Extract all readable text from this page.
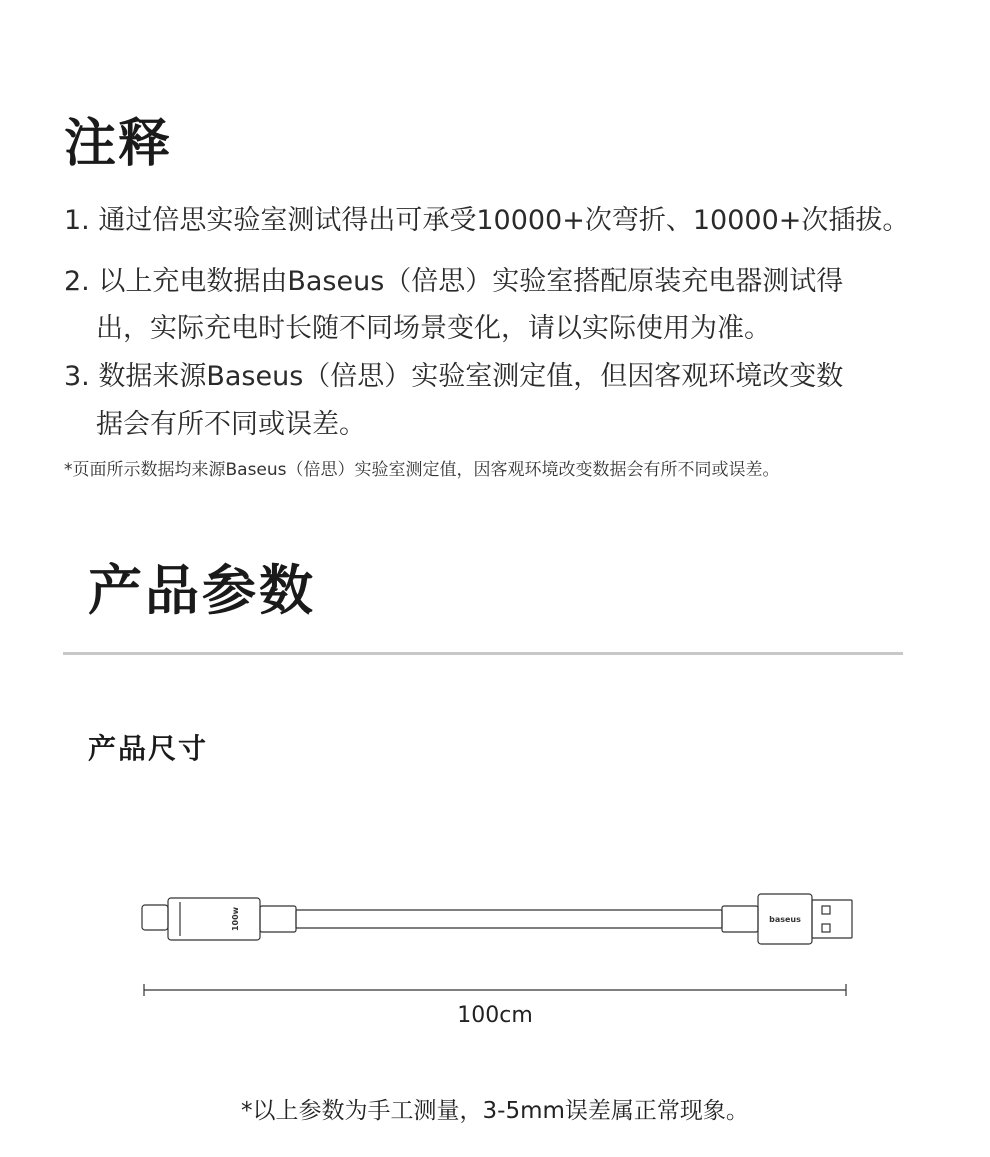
注释
1. 通过倍思实验室测试得出可承受10000+次弯折、10000+次插拔。
2. 以上充电数据由Baseus（倍思）实验室搭配原装充电器测试得
出，实际充电时长随不同场景变化，请以实际使用为准。
3. 数据来源Baseus（倍思）实验室测定值，但因客观环境改变数
据会有所不同或误差。
*页面所示数据均来源Baseus（倍思）实验室测定值，因客观环境改变数据会有所不同或误差。
产品参数
产品尺寸
100w	baseus
100cm
*以上参数为手工测量，3-5mm误差属正常现象。
